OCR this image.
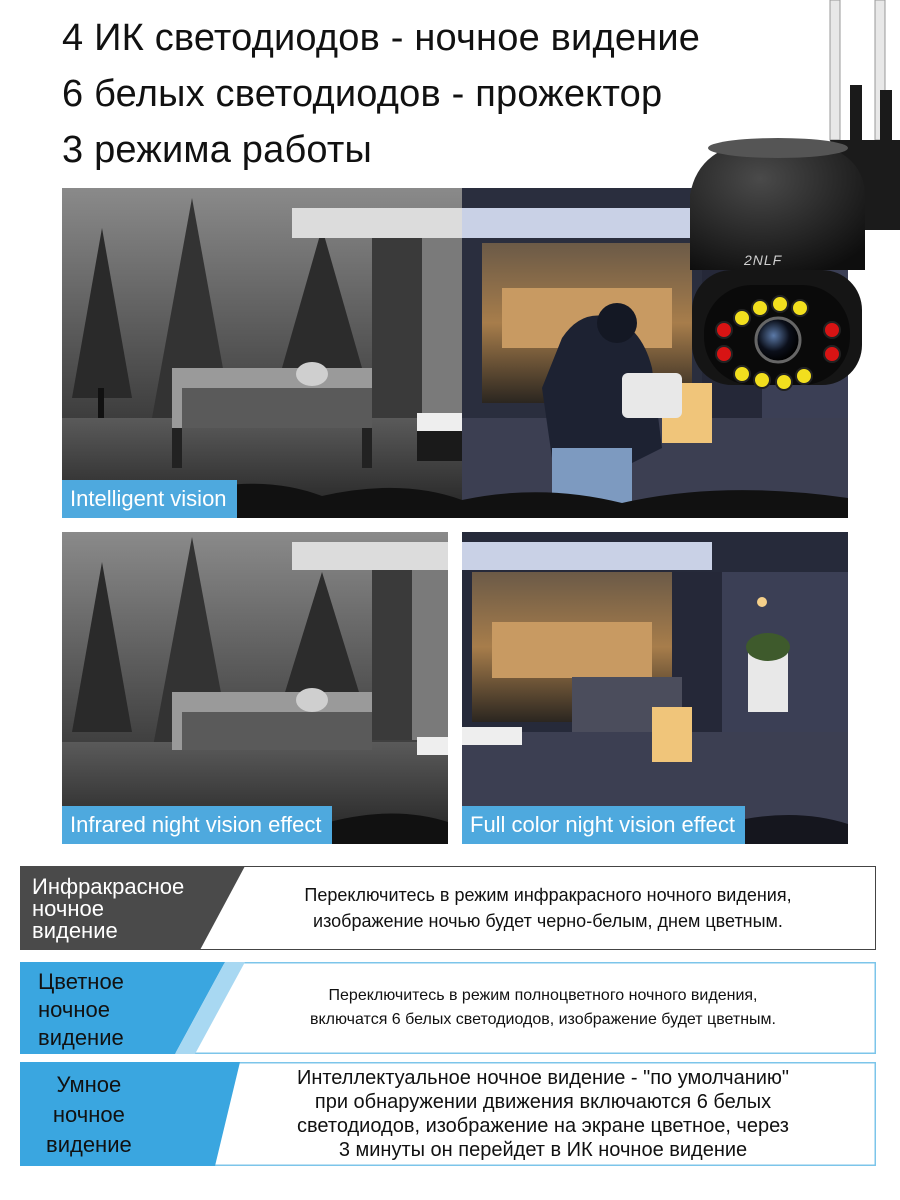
4 ИК светодиодов - ночное видение
6 белых светодиодов - прожектор
3 режима работы
Intelligent vision
2NLF
Infrared night vision effect	Full color night vision effect
Инфракрасное
ночное
видение
Переключитесь в режим инфракрасного ночного видения,
изображение ночью будет черно-белым, днем цветным.
Цветное
ночное
видение
Переключитесь в режим полноцветного ночного видения,
включатся 6 белых светодиодов, изображение будет цветным.
Умное
ночное
видение
Интеллектуальное ночное видение - "по умолчанию"
при обнаружении движения включаются 6 белых
светодиодов, изображение на экране цветное, через
3 минуты он перейдет в ИК ночное видение
